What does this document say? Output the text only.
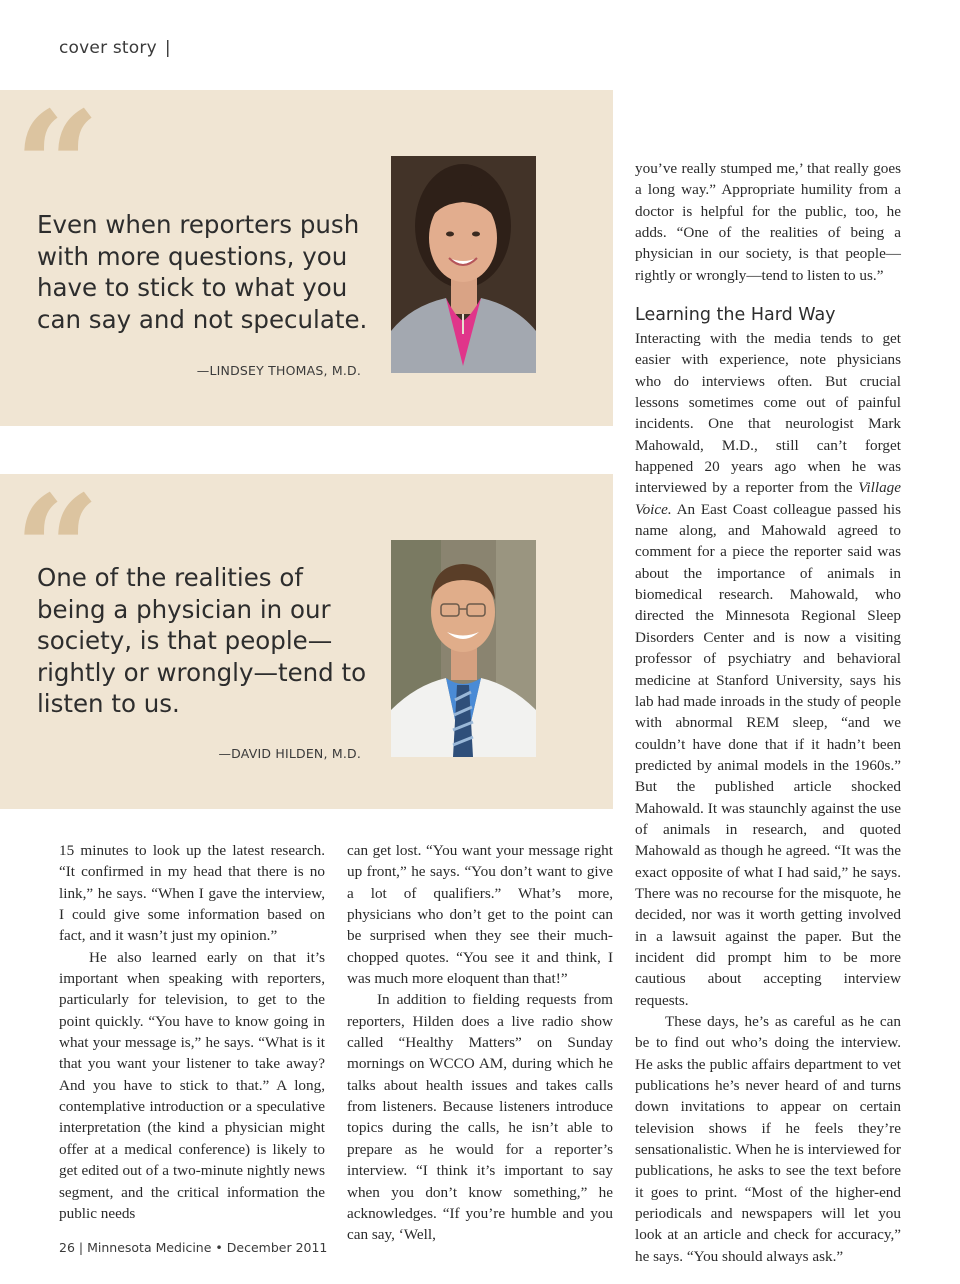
cover story |
“
Even when reporters push with more questions, you have to stick to what you can say and not speculate.
—LINDSEY THOMAS, M.D.
“
One of the realities of being a physician in our society, is that people—rightly or wrongly—tend to listen to us.
—DAVID HILDEN, M.D.

15 minutes to look up the latest research. “It confirmed in my head that there is no link,” he says. “When I gave the interview, I could give some information based on fact, and it wasn’t just my opinion.”

He also learned early on that it’s important when speaking with reporters, particularly for television, to get to the point quickly. “You have to know going in what your message is,” he says. “What is it that you want your listener to take away? And you have to stick to that.” A long, contemplative introduction or a speculative interpretation (the kind a physician might offer at a medical conference) is likely to get edited out of a two-minute nightly news segment, and the critical information the public needs

can get lost. “You want your message right up front,” he says. “You don’t want to give a lot of qualifiers.” What’s more, physicians who don’t get to the point can be surprised when they see their much-chopped quotes. “You see it and think, I was much more eloquent than that!”

In addition to fielding requests from reporters, Hilden does a live radio show called “Healthy Matters” on Sunday mornings on WCCO AM, during which he talks about health issues and takes calls from listeners. Because listeners introduce topics during the calls, he isn’t able to prepare as he would for a reporter’s interview. “I think it’s important to say when you don’t know something,” he acknowledges. “If you’re humble and you can say, ‘Well,

you’ve really stumped me,’ that really goes a long way.” Appropriate humility from a doctor is helpful for the public, too, he adds. “One of the realities of being a physician in our society, is that people—rightly or wrongly—tend to listen to us.”

Learning the Hard Way

Interacting with the media tends to get easier with experience, note physicians who do interviews often. But crucial lessons sometimes come out of painful incidents. One that neurologist Mark Mahowald, M.D., still can’t forget happened 20 years ago when he was interviewed by a reporter from the Village Voice. An East Coast colleague passed his name along, and Mahowald agreed to comment for a piece the reporter said was about the importance of animals in biomedical research. Mahowald, who directed the Minnesota Regional Sleep Disorders Center and is now a visiting professor of psychiatry and behavioral medicine at Stanford University, says his lab had made inroads in the study of people with abnormal REM sleep, “and we couldn’t have done that if it hadn’t been predicted by animal models in the 1960s.” But the published article shocked Mahowald. It was staunchly against the use of animals in research, and quoted Mahowald as though he agreed. “It was the exact opposite of what I had said,” he says. There was no recourse for the misquote, he decided, nor was it worth getting involved in a lawsuit against the paper. But the incident did prompt him to be more cautious about accepting interview requests.

These days, he’s as careful as he can be to find out who’s doing the interview. He asks the public affairs department to vet publications he’s never heard of and turns down invitations to appear on certain television shows if he feels they’re sensationalistic. When he is interviewed for publications, he asks to see the text before it goes to print. “Most of the higher-end periodicals and newspapers will let you look at an article and check for accuracy,” he says. “You should always ask.”

26 | Minnesota Medicine • December 2011
